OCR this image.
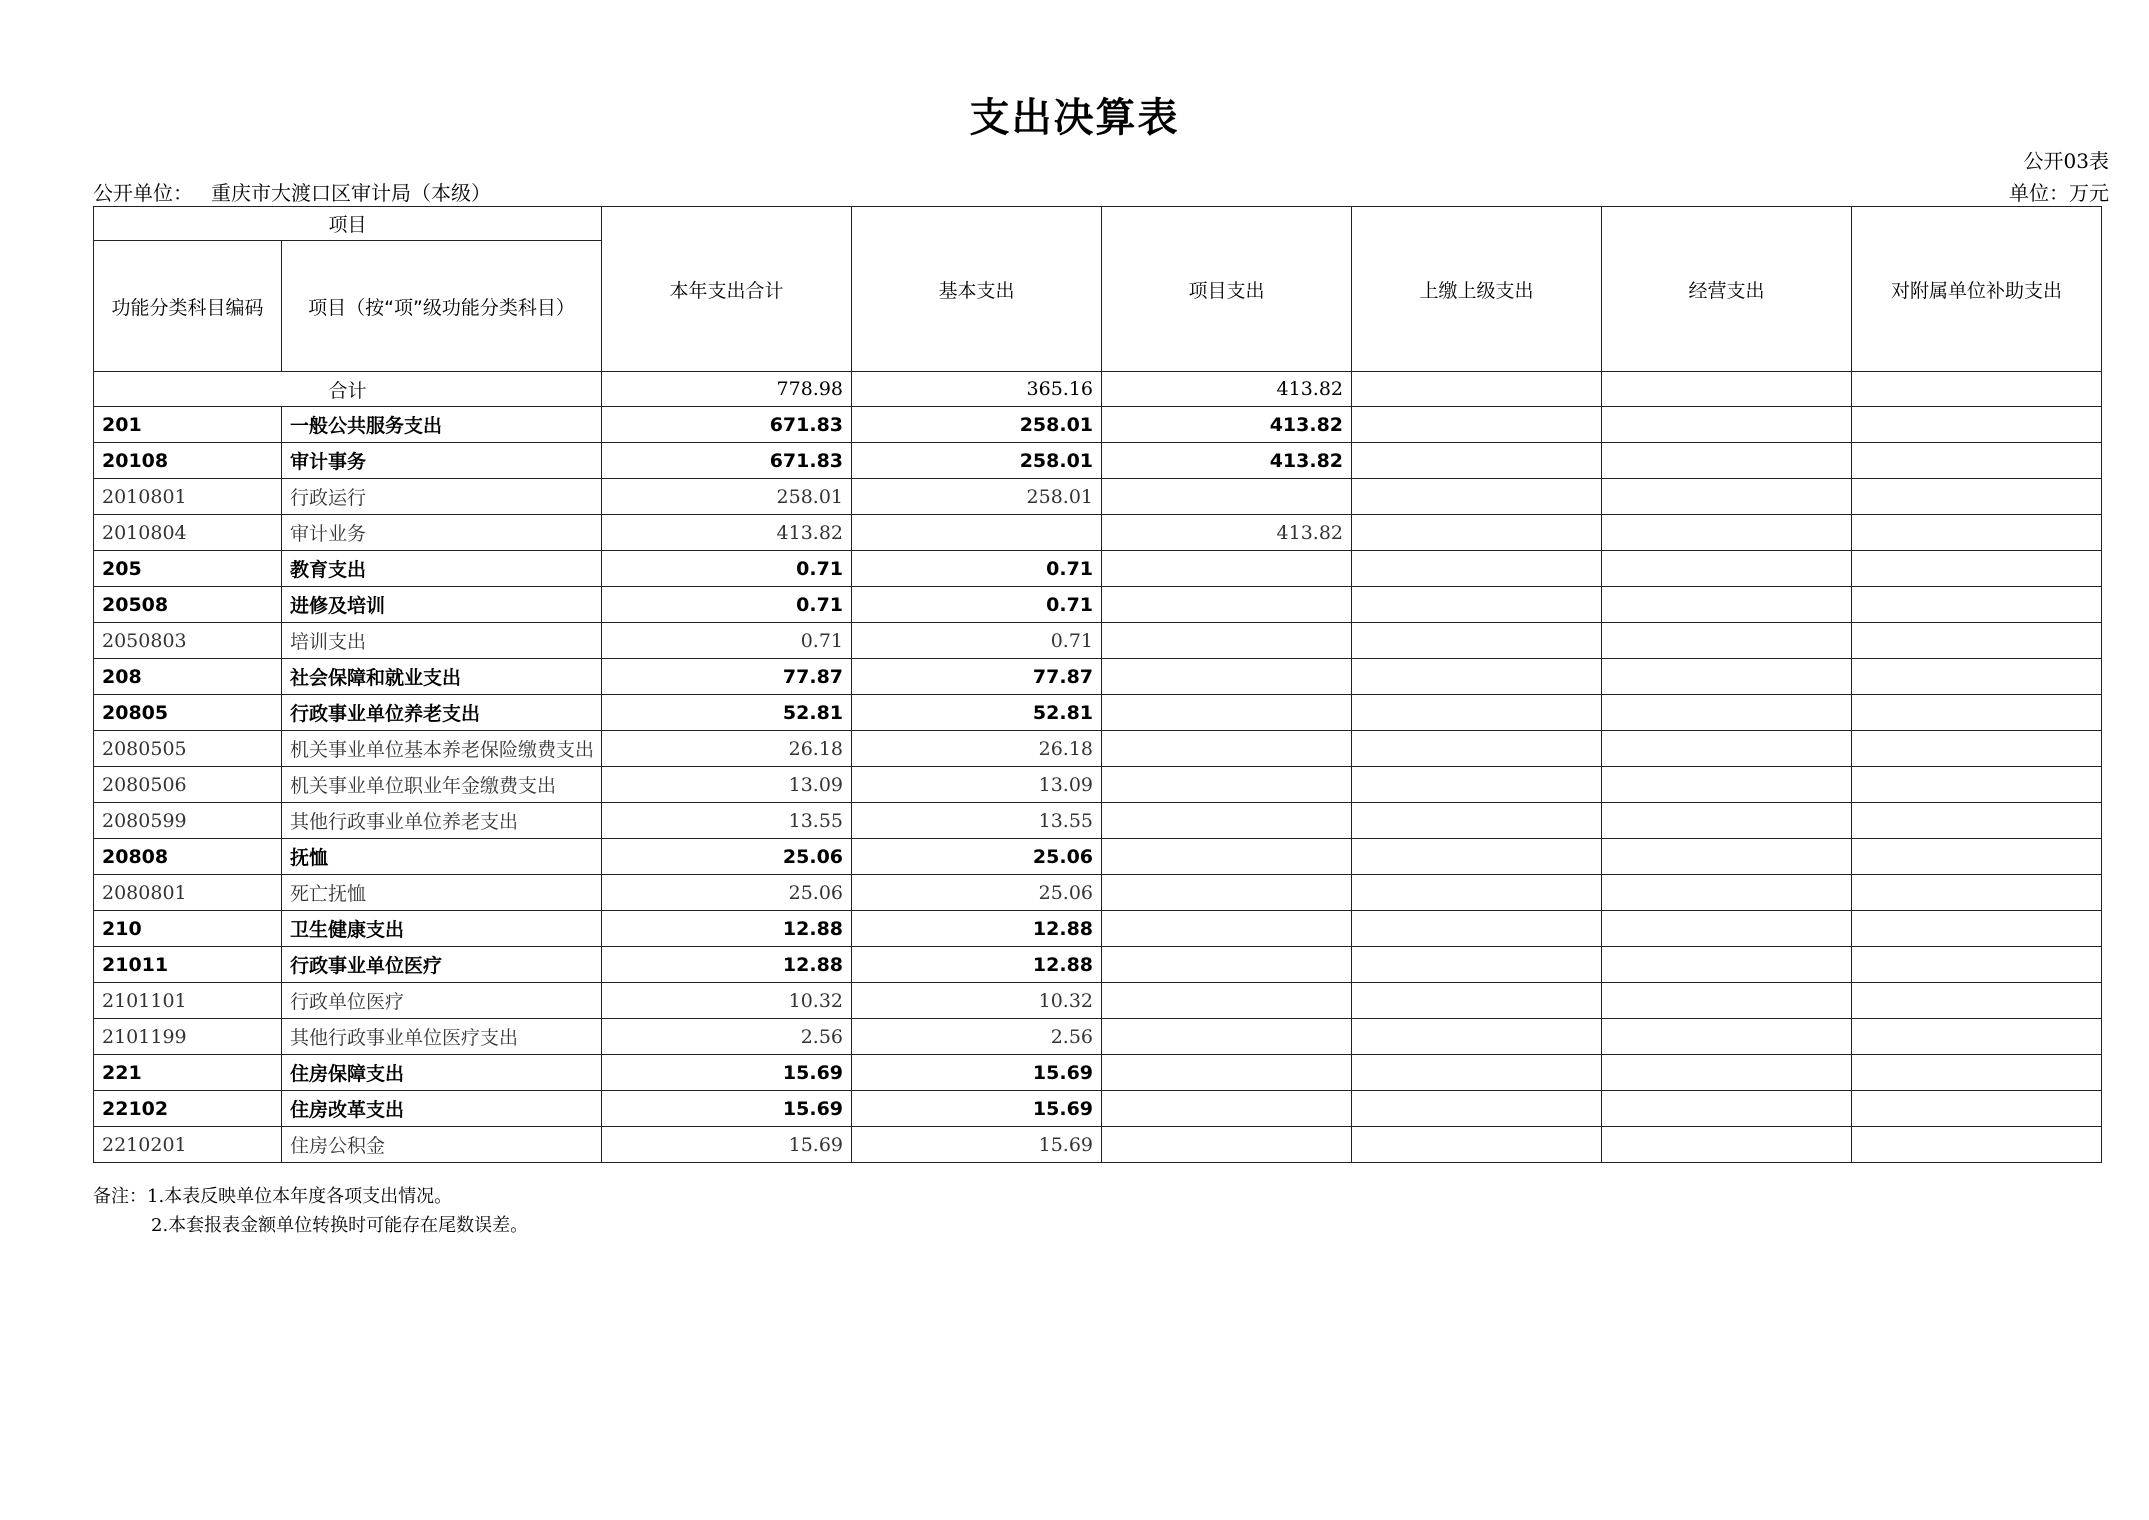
支出决算表
公开03表
公开单位： 重庆市大渡口区审计局（本级）	单位：万元
项目		本年支出合计	基本支出	项目支出	上缴上级支出	经营支出	对附属单位补助支出
功能分类科目编码	项目（按“项”级功能分类科目）						
合计		778.98	365.16	413.82			
201	一般公共服务支出	671.83	258.01	413.82			
20108	审计事务	671.83	258.01	413.82			
2010801	行政运行	258.01	258.01				
2010804	审计业务	413.82		413.82			
205	教育支出	0.71	0.71				
20508	进修及培训	0.71	0.71				
2050803	培训支出	0.71	0.71				
208	社会保障和就业支出	77.87	77.87				
20805	行政事业单位养老支出	52.81	52.81				
2080505	机关事业单位基本养老保险缴费支出	26.18	26.18				
2080506	机关事业单位职业年金缴费支出	13.09	13.09				
2080599	其他行政事业单位养老支出	13.55	13.55				
20808	抚恤	25.06	25.06				
2080801	死亡抚恤	25.06	25.06				
210	卫生健康支出	12.88	12.88				
21011	行政事业单位医疗	12.88	12.88				
2101101	行政单位医疗	10.32	10.32				
2101199	其他行政事业单位医疗支出	2.56	2.56				
221	住房保障支出	15.69	15.69				
22102	住房改革支出	15.69	15.69				
2210201	住房公积金	15.69	15.69				
备注：1.本表反映单位本年度各项支出情况。
2.本套报表金额单位转换时可能存在尾数误差。
